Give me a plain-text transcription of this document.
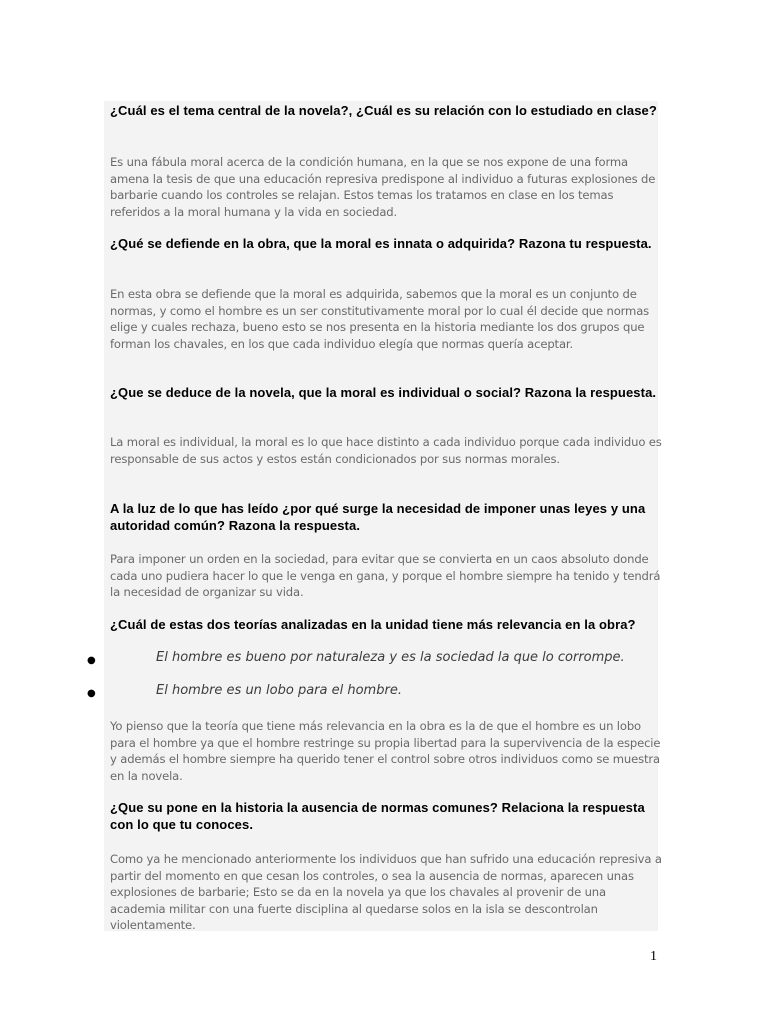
¿Cuál es el tema central de la novela?, ¿Cuál es su relación con lo estudiado en clase?
Es una fábula moral acerca de la condición humana, en la que se nos expone de una forma amena la tesis de que una educación represiva predispone al individuo a futuras explosiones de barbarie cuando los controles se relajan. Estos temas los tratamos en clase en los temas referidos a la moral humana y la vida en sociedad.
¿Qué se defiende en la obra, que la moral es innata o adquirida? Razona tu respuesta.
En esta obra se defiende que la moral es adquirida, sabemos que la moral es un conjunto de normas, y como el hombre es un ser constitutivamente moral por lo cual él decide que normas elige y cuales rechaza, bueno esto se nos presenta en la historia mediante los dos grupos que forman los chavales, en los que cada individuo elegía que normas quería aceptar.
¿Que se deduce de la novela, que la moral es individual o social? Razona la respuesta.
La moral es individual, la moral es lo que hace distinto a cada individuo porque cada individuo es responsable de sus actos y estos están condicionados por sus normas morales.
A la luz de lo que has leído ¿por qué surge la necesidad de imponer unas leyes y una autoridad común? Razona la respuesta.
Para imponer un orden en la sociedad, para evitar que se convierta en un caos absoluto donde cada uno pudiera hacer lo que le venga en gana, y porque el hombre siempre ha tenido y tendrá la necesidad de organizar su vida.
¿Cuál de estas dos teorías analizadas en la unidad tiene más relevancia en la obra?
●	El hombre es bueno por naturaleza y es la sociedad la que lo corrompe.
●	El hombre es un lobo para el hombre.
Yo pienso que la teoría que tiene más relevancia en la obra es la de que el hombre es un lobo para el hombre ya que el hombre restringe su propia libertad para la supervivencia de la especie y además el hombre siempre ha querido tener el control sobre otros individuos como se muestra en la novela.
¿Que su pone en la historia la ausencia de normas comunes? Relaciona la respuesta con lo que tu conoces.
Como ya he mencionado anteriormente los individuos que han sufrido una educación represiva a partir del momento en que cesan los controles, o sea la ausencia de normas, aparecen unas explosiones de barbarie; Esto se da en la novela ya que los chavales al provenir de una academia militar con una fuerte disciplina al quedarse solos en la isla se descontrolan violentamente.
1
